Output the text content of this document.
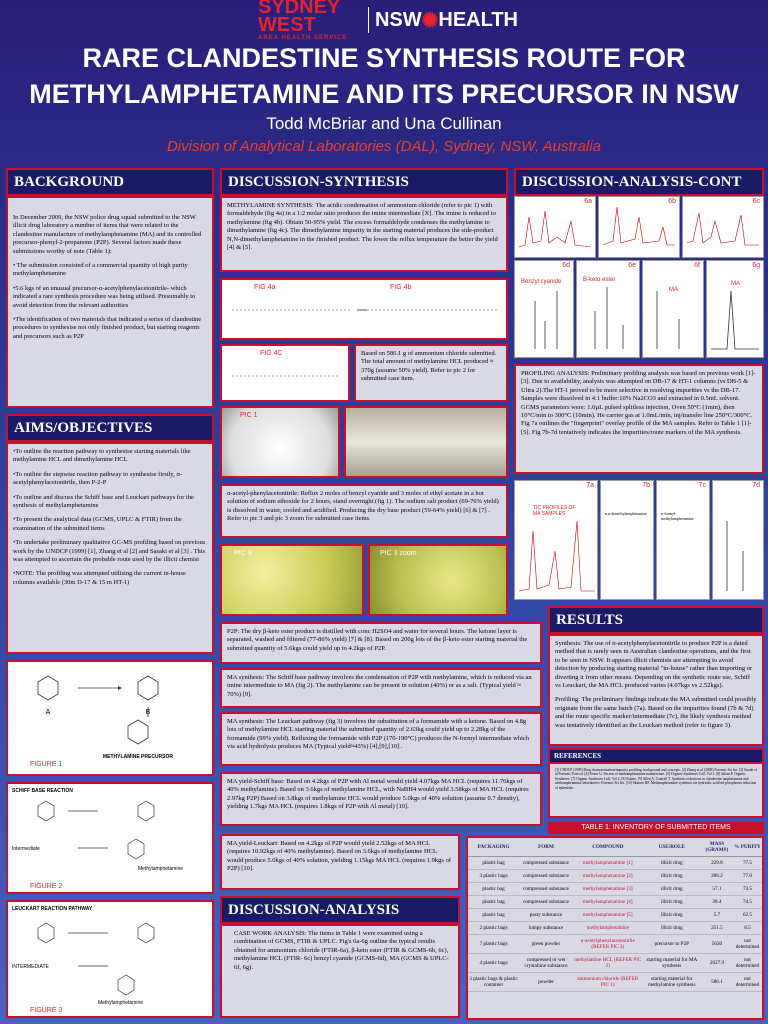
SYDNEY WEST
AREA HEALTH SERVICE
NSW ✺ HEALTH
RARE CLANDESTINE SYNTHESIS ROUTE FOR
METHYLAMPHETAMINE AND ITS PRECURSOR IN NSW
Todd McBriar and Una Cullinan
Division of Analytical Laboratories (DAL), Sydney, NSW, Australia
BACKGROUND

In December 2009, the NSW police drug squad submitted to the NSW illicit drug laboratory a number of items that were related to the clandestine manufacture of methylamphetamine (MA) and its controlled precursor-phenyl-2-propanone (P2P). Several factors made these submissions worthy of note (Table 1):

• The submission consisted of a commercial quantity of high purity methylamphetamine

•5.6 kgs of an unusual precursor-α-acetylphenylacetonitrile- which indicated a rare synthesis procedure was being utilised. Presumably to avoid detection from the relevant authorities

•The identification of two materials that indicated a series of clandestine procedures to synthesise not only finished product, but starting reagents and precursors such as P2P

AIMS/OBJECTIVES

•To outline the reaction pathway to synthesise starting materials like methylamine HCL and dimethylamine HCL

•To outline the stepwise reaction pathway to synthesise firstly, α-acetylphenylacetonitrile, then P-2-P

•To outline and discuss the Schiff base and Leuckart pathways for the synthesis of methylamphetamine

•To present the analytical data (GCMS, UPLC & FTIR) from the examination of the submitted items

•To undertake preliminary qualitative GC-MS profiling based on previous work by the UNDCP (1999) [1], Zhang et al [2] and Sasaki et al [3] . This was attempted to ascertain the probable route used by the illicit chemist

•NOTE: The profiling was attempted utilising the current in-house columns available (30m D-17 & 15 m HT-1)

A	B
METHYLAMINE PRECURSOR
FIGURE 1
SCHIFF BASE REACTION
Intermediate
Methylamphetamine
FIGURE 2
LEUCKART REACTION PATHWAY
INTERMEDIATE
Methylamphetamine
FIGURE 3
DISCUSSION-SYNTHESIS
METHYLAMINE SYNTHESIS: The acidic condensation of ammonium chloride (refer to pic 1) with formaldehyde (fig 4a) in a 1:2 molar ratio produces the imine intermediate [X]. The imine is reduced to methylamine (fig 4b). Obtain 50-95% yield. The excess formaldehyde condenses the methylamine to dimethylamine (fig 4c). The dimethylamine impurity in the starting material produces the side-product N,N-dimethylamphetamine in the finished product. The lower the reflux temperature the better the yield [4] & [5].
FIG 4a	FIG 4b
FIG 4C	Based on 586.1 g of ammonium chloride submitted. The total amount of methylamine HCL produced ≈ 370g (assume 50% yield). Refer to pic 2 for submitted case item.
PIC 1
α-acetyl-phenylacetonitrile: Reflux 2 moles of benzyl cyanide and 3 moles of ethyl acetate in a hot solution of sodium ethoxide for 2 hours, stand overnight (fig 1). The sodium salt product (69-76% yield) is dissolved in water, cooled and acidified. Producing the dry base product (59-64% yield) [6] & [7] . Refer to pic 3 and pic 3 zoom for submitted case items.
PIC 3	PIC 3 zoom
P2P: The dry β-keto ester product is distilled with conc H2SO4 and water for several hours. The ketone layer is separated, washed and filtered (77-86% yield) [7] & [8]. Based on 200g lots of the β-keto ester starting material the submitted quantity of 5.6kgs could yield up to 4.2kgs of P2P.
MA synthesis: The Schiff base pathway involves the condensation of P2P with methylamine, which is reduced via an imine intermediate to MA (fig 2). The methylamine can be present in solution (40%) or as a salt. (Typical yield ≈ 70%) [9].
MA synthesis: The Leuckart pathway (fig 3) involves the substitution of a formamide with a ketone. Based on 4.8g lots of methylamine HCL starting material the submitted quantity of 2.63kg could yield up to 2.28kg of the formamide (99% yield). Refluxing the formamide with P2P (170-190°C) produces the N-formyl intermediate which via acid hydrolysis produces MA (Typical yield≈43%) [4],[9],[10] .
MA yield-Schiff base: Based on 4.2kgs of P2P with Al metal would yield 4.07kgs MA HCL (requires 11.76kgs of 40% methylamine). Based on 3.6kgs of methylamine HCL, with NaBH4 would yield 3.58kgs of MA HCL (requires 2.97kg P2P) Based on 3.8kgs of methylamine HCL would produce 5.0kgs of 40% solution (assume 0.7 density), yielding 1.7kgs MA HCL (requires 1.8kgs of P2P with Al metal) [10].
MA yield-Leuckart: Based on 4.2kgs of P2P would yield 2.52kgs of MA HCL (requires 10.92kgs of 40% methylamine). Based on 3.6kgs of methylamine HCL would produce 5.0kgs of 40% solution, yielding 1.15kgs MA HCL (requires 1.9kgs of P2P) [10].
DISCUSSION-ANALYSIS
CASE WORK ANALYSIS: The items in Table 1 were examined using a combination of GCMS, FTIR & UPLC. Fig's 6a-6g outline the typical results obtained for ammonium chloride (FTIR-6a), β-keto ester (FTIR & GCMS-6b, 6c), methylamine HCL (FTIR- 6c) benzyl cyanide (GCMS-6d), MA (GCMS & UPLC-6f, 6g).
DISCUSSION-ANALYSIS-CONT
6a	6b	6c
6d
Benzyl cyanide
6e
B-keto ester
6f
MA
6g
MA
PROFILING ANALYSIS: Preliminary profiling analysis was based on previous work [1]-[3]. Due to availability, analysis was attempted on DB-17 & HT-1 columns (vs DB-5 & Ultra 2).The HT-1 proved to be more selective in resolving impurities vs the DB-17. Samples were dissolved in 4:1 buffer:10% Na2CO3 and extracted in 0.5mL solvent. GCMS parameters were: 1.0µL pulsed splitless injection, Oven 50°C (1min), then 10°C/min to 300°C (10min). He carrier gas at 1.0mL/min, inj/transfer line 250°C/300°C. Fig 7a outlines the "fingerprint" overlay profile of the MA samples. Refer to Table 1 [1]-[5]. Fig 7b-7d tentatively indicates the impurities/route markers of the MA synthesis.
7a
TIC PROFILES OF MA SAMPLES
7b
n,n-dimethylamphetamine
7c
n-formyl-methylamphetamine
7d
RESULTS

Synthesis: The use of α-acetylphenylacetonitrile to produce P2P is a dated method that is rarely seen in Australian clandestine operations, and the first to be seen in NSW. It appears illicit chemists are attempting to avoid detection by producing starting material "in-house" rather than importing or diverting it from other means. Depending on the synthetic route use, Schiff vs Leuckart, the MA HCL produced varies (4.07kgs vs 2.52kgs).

Profiling: The preliminary findings indicate the MA submitted could possibly originate from the same batch (7a). Based on the impurities found (7b & 7d) and the route specific marker/intermediate (7c), the likely synthesis method was tentatively identified as the Leuckart method (refer to figure 3).

REFERENCES
[1] UNDCP (1999) Drug characterization/impurity profiling, background and concepts. [2] Zhang et al (2008) Forensic Sci Int. [3] Sasaki et al Forensic Toxicol. [4] Fester U. Secrets of methamphetamine manufacture. [5] Organic Syntheses Coll. Vol 1. [6] Julian P. Organic Syntheses. [7] Organic Syntheses Coll. Vol 2. [8] Kalant. [9] Allen A, Cantrell T. Synthetic reductions in clandestine amphetamine and methamphetamine laboratories. Forensic Sci Int. [10] Skinner HF. Methamphetamine synthesis via hydriodic acid/red phosphorus reduction of ephedrine.
TABLE 1: INVENTORY OF SUBMITTED ITEMS
PACKAGING	FORM	COMPOUND	USE/ROLE	MASS (GRAMS)	% PURITY
plastic bag	compressed substance	methylamphetamine [1]	illicit drug	229.8	77.5
3 plastic bags	compressed substance	methylamphetamine [2]	illicit drug	206.2	77.0
plastic bag	compressed substance	methylamphetamine [3]	illicit drug	57.1	73.5
plastic bag	compressed substance	methylamphetamine [4]	illicit drug	28.4	74.5
plastic bag	pasty substance	methylamphetamine [5]	illicit drug	5.7	62.5
2 plastic bags	lumpy substance	methylamphetamine	illicit drug	251.5	8.5
7 plastic bags	green powder	α-acetylphenylacetonitrile (REFER PIC 3)	precursor to P2P	5630	not determined
4 plastic bags	compressed or wet crystalline substance	methylamine HCL (REFER PIC 2)	starting material for MA synthesis	2627.9	not determined
3 plastic bags & plastic container	powder	ammonium chloride (REFER PIC 1)	starting material for methylamine synthesis	586.1	not determined
